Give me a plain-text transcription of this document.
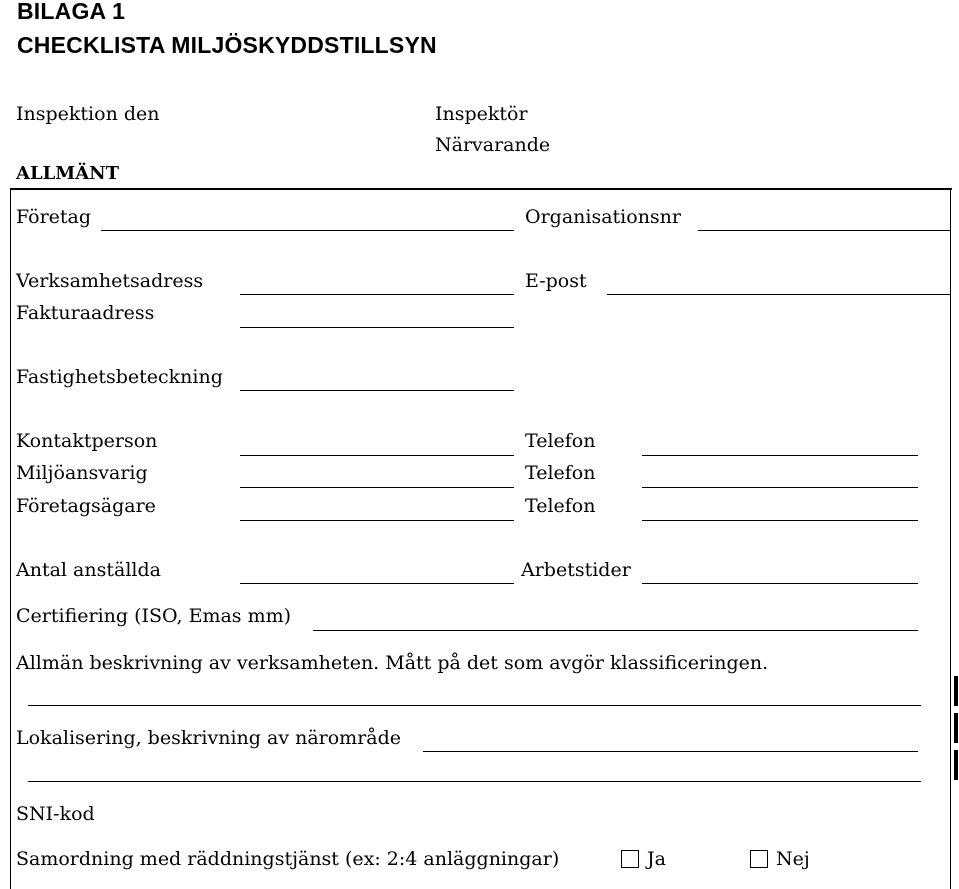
BILAGA 1
CHECKLISTA MILJÖSKYDDSTILLSYN
Inspektion den	Inspektör
Närvarande
ALLMÄNT
Företag	Organisationsnr
Verksamhetsadress	E-post
Fakturaadress
Fastighetsbeteckning
Kontaktperson	Telefon
Miljöansvarig	Telefon
Företagsägare	Telefon
Antal anställda	Arbetstider
Certifiering (ISO, Emas mm)
Allmän beskrivning av verksamheten. Mått på det som avgör klassificeringen.
Lokalisering, beskrivning av närområde
SNI-kod
Samordning med räddningstjänst (ex: 2:4 anläggningar)	Ja	Nej
